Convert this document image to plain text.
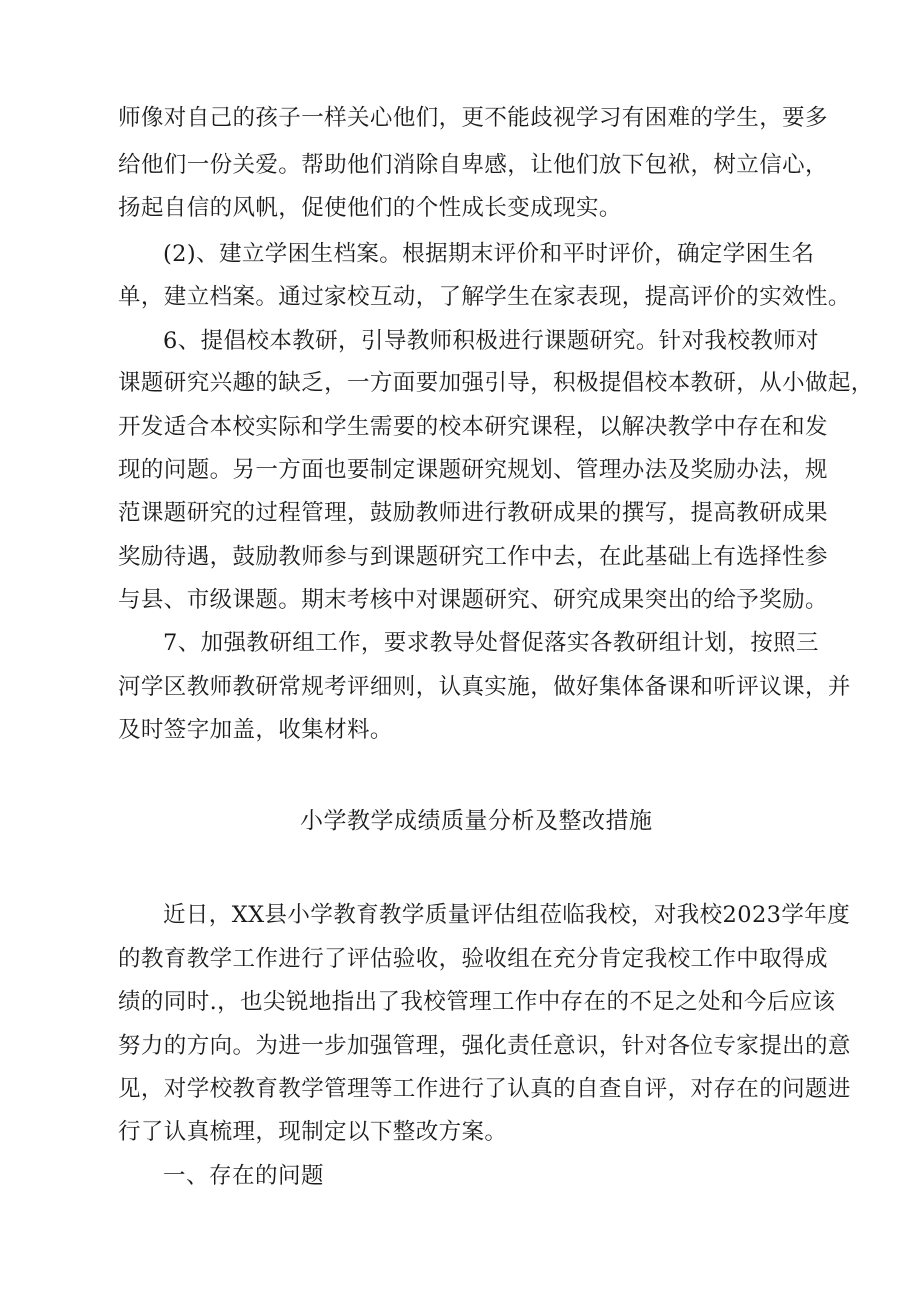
师像对自己的孩子一样关心他们，更不能歧视学习有困难的学生，要多
给他们一份关爱。帮助他们消除自卑感，让他们放下包袱，树立信心，
扬起自信的风帆，促使他们的个性成长变成现实。
(2)、建立学困生档案。根据期末评价和平时评价，确定学困生名
单，建立档案。通过家校互动，了解学生在家表现，提高评价的实效性。
6、提倡校本教研，引导教师积极进行课题研究。针对我校教师对
课题研究兴趣的缺乏，一方面要加强引导，积极提倡校本教研，从小做起，
开发适合本校实际和学生需要的校本研究课程，以解决教学中存在和发
现的问题。另一方面也要制定课题研究规划、管理办法及奖励办法，规
范课题研究的过程管理，鼓励教师进行教研成果的撰写，提高教研成果
奖励待遇，鼓励教师参与到课题研究工作中去，在此基础上有选择性参
与县、市级课题。期末考核中对课题研究、研究成果突出的给予奖励。
7、加强教研组工作，要求教导处督促落实各教研组计划，按照三
河学区教师教研常规考评细则，认真实施，做好集体备课和听评议课，并
及时签字加盖，收集材料。
小学教学成绩质量分析及整改措施
近日，XX县小学教育教学质量评估组莅临我校，对我校2023学年度
的教育教学工作进行了评估验收，验收组在充分肯定我校工作中取得成
绩的同时.，也尖锐地指出了我校管理工作中存在的不足之处和今后应该
努力的方向。为进一步加强管理，强化责任意识，针对各位专家提出的意
见，对学校教育教学管理等工作进行了认真的自查自评，对存在的问题进
行了认真梳理，现制定以下整改方案。
一、存在的问题
